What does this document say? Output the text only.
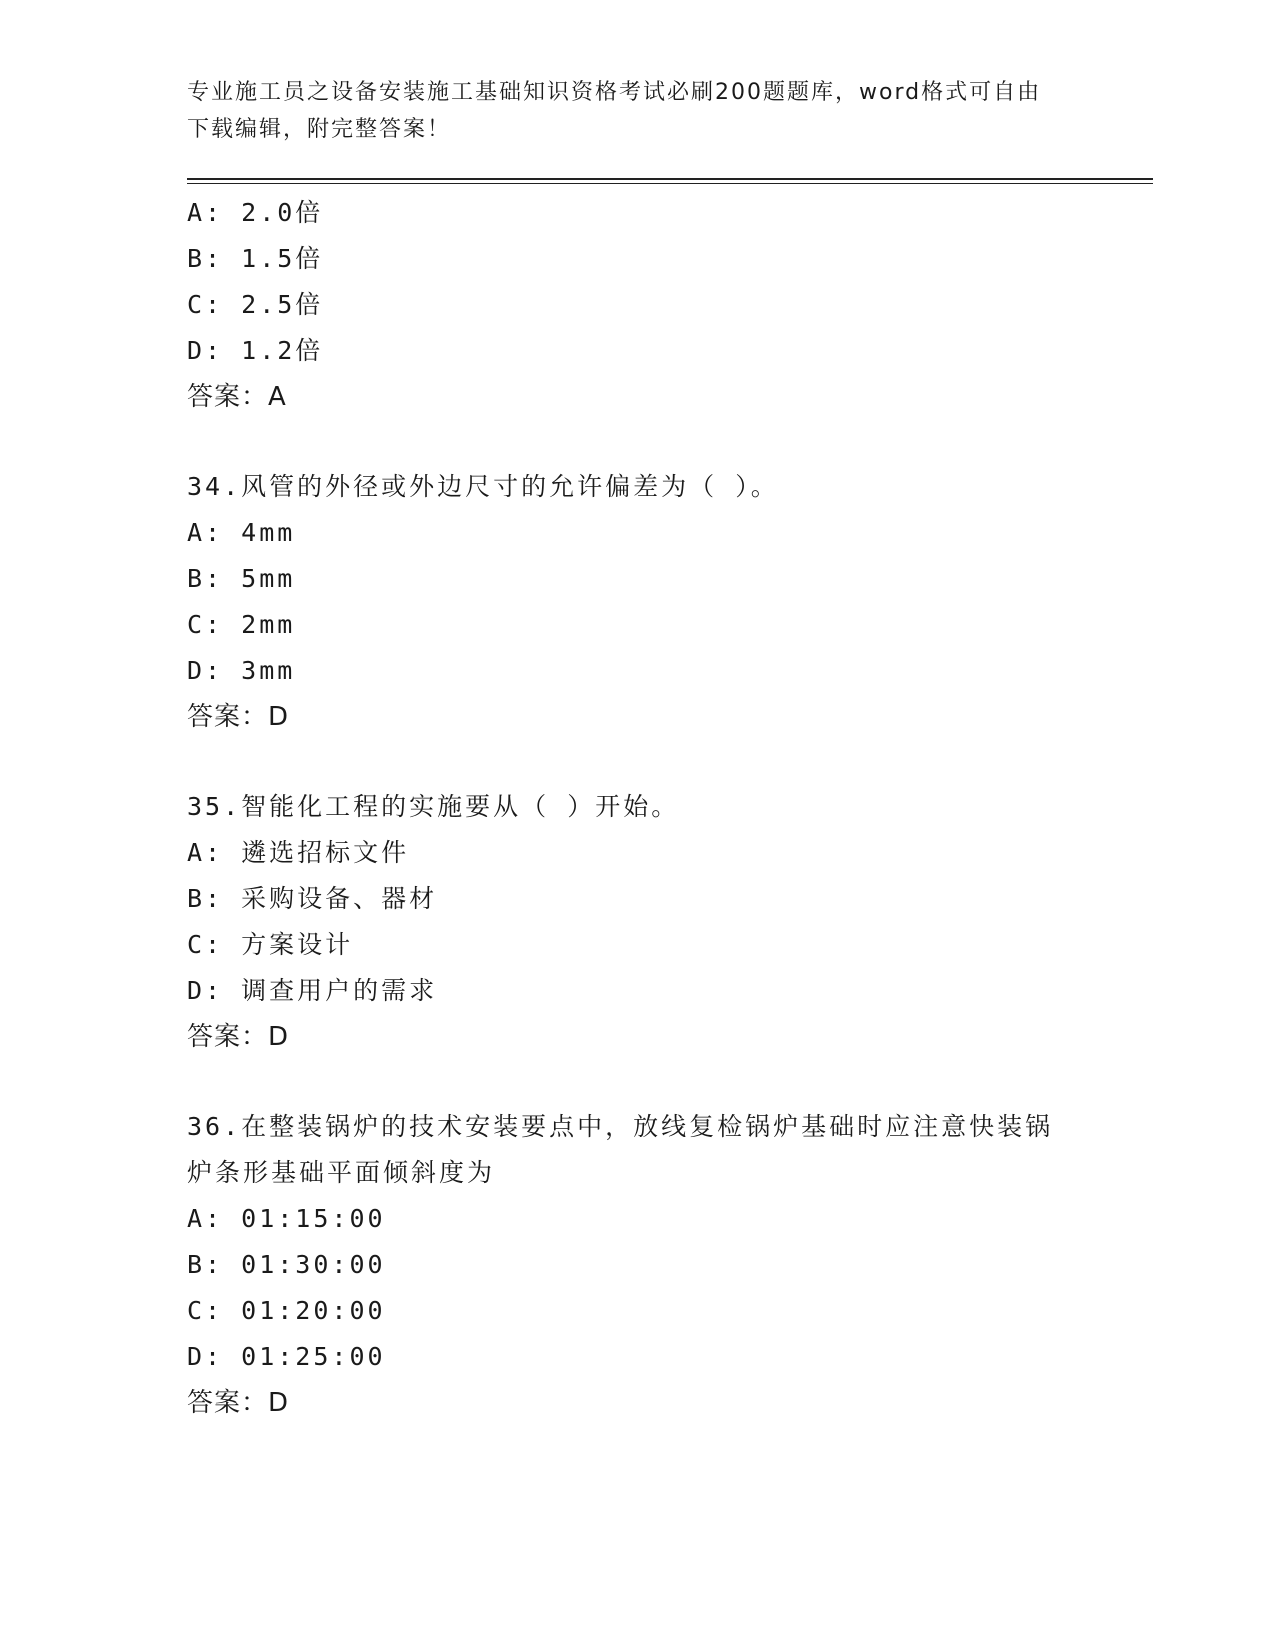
专业施工员之设备安装施工基础知识资格考试必刷200题题库，word格式可自由
下载编辑，附完整答案！
A: 2.0倍
B: 1.5倍
C: 2.5倍
D: 1.2倍
答案：A
34.风管的外径或外边尺寸的允许偏差为（ ）。
A: 4mm
B: 5mm
C: 2mm
D: 3mm
答案：D
35.智能化工程的实施要从（ ）开始。
A: 遴选招标文件
B: 采购设备、器材
C: 方案设计
D: 调查用户的需求
答案：D
36.在整装锅炉的技术安装要点中，放线复检锅炉基础时应注意快装锅
炉条形基础平面倾斜度为
A: 01:15:00
B: 01:30:00
C: 01:20:00
D: 01:25:00
答案：D
